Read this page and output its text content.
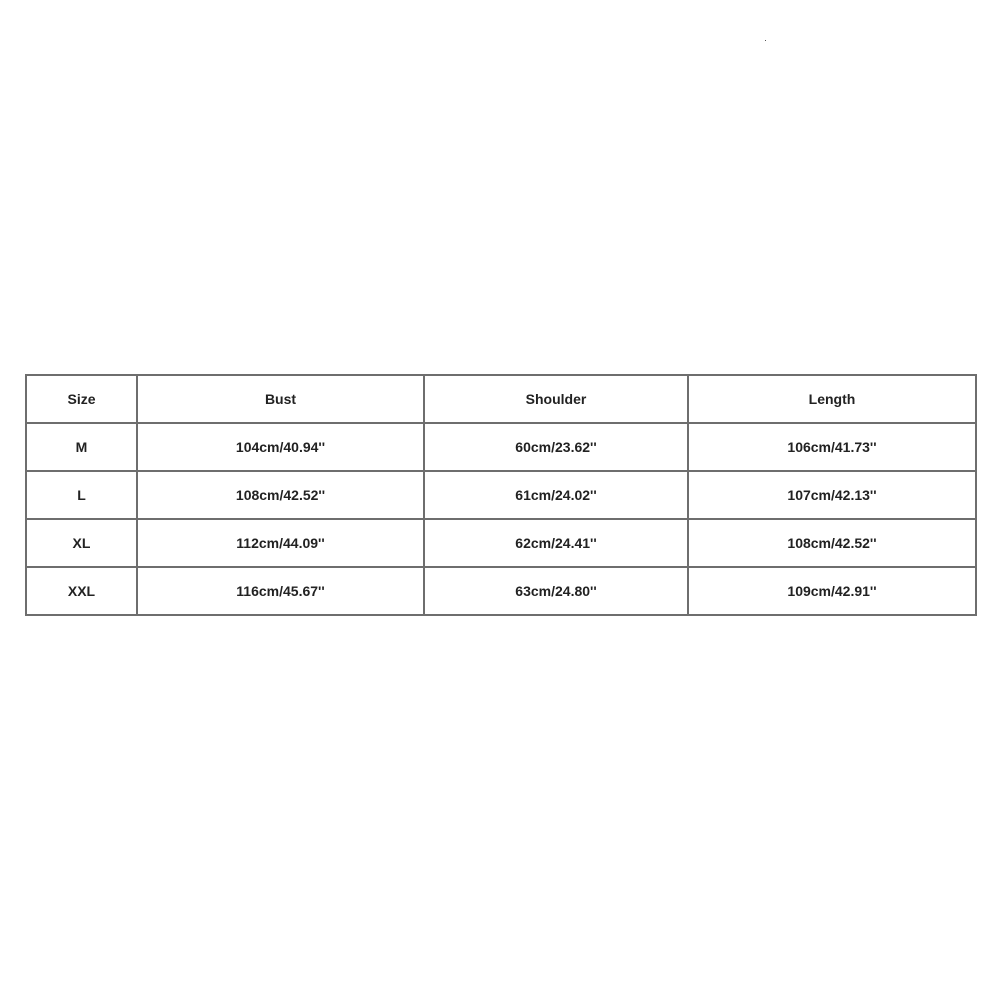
Size	Bust	Shoulder	Length
M	104cm/40.94''	60cm/23.62''	106cm/41.73''
L	108cm/42.52''	61cm/24.02''	107cm/42.13''
XL	112cm/44.09''	62cm/24.41''	108cm/42.52''
XXL	116cm/45.67''	63cm/24.80''	109cm/42.91''
